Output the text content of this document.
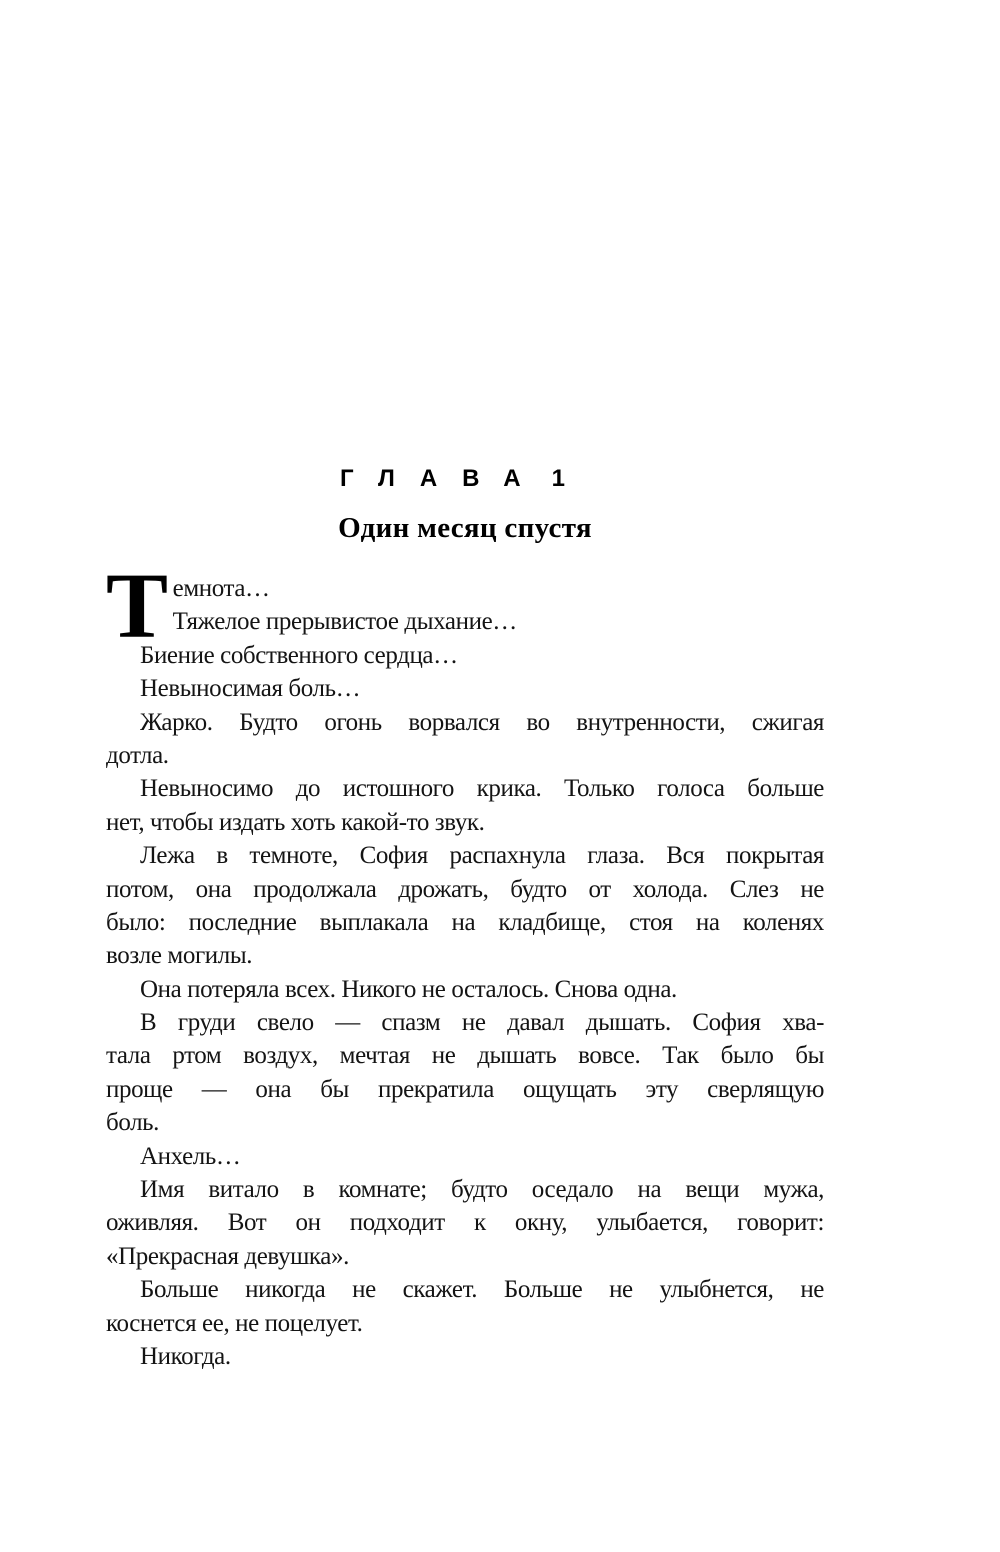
ГЛАВА 1
Один месяц спустя
Т емнота…
Тяжелое прерывистое дыхание…
Биение собственного сердца…
Невыносимая боль…
Жарко. Будто огонь ворвался во внутренности, сжигая
дотла.
Невыносимо до истошного крика. Только голоса больше
нет, чтобы издать хоть какой-то звук.
Лежа в темноте, София распахнула глаза. Вся покрытая
потом, она продолжала дрожать, будто от холода. Слез не
было: последние выплакала на кладбище, стоя на коленях
возле могилы.
Она потеряла всех. Никого не осталось. Снова одна.
В груди свело — спазм не давал дышать. София хва-
тала ртом воздух, мечтая не дышать вовсе. Так было бы
проще — она бы прекратила ощущать эту сверлящую
боль.
Анхель…
Имя витало в комнате; будто оседало на вещи мужа,
оживляя. Вот он подходит к окну, улыбается, говорит:
«Прекрасная девушка».
Больше никогда не скажет. Больше не улыбнется, не
коснется ее, не поцелует.
Никогда.
